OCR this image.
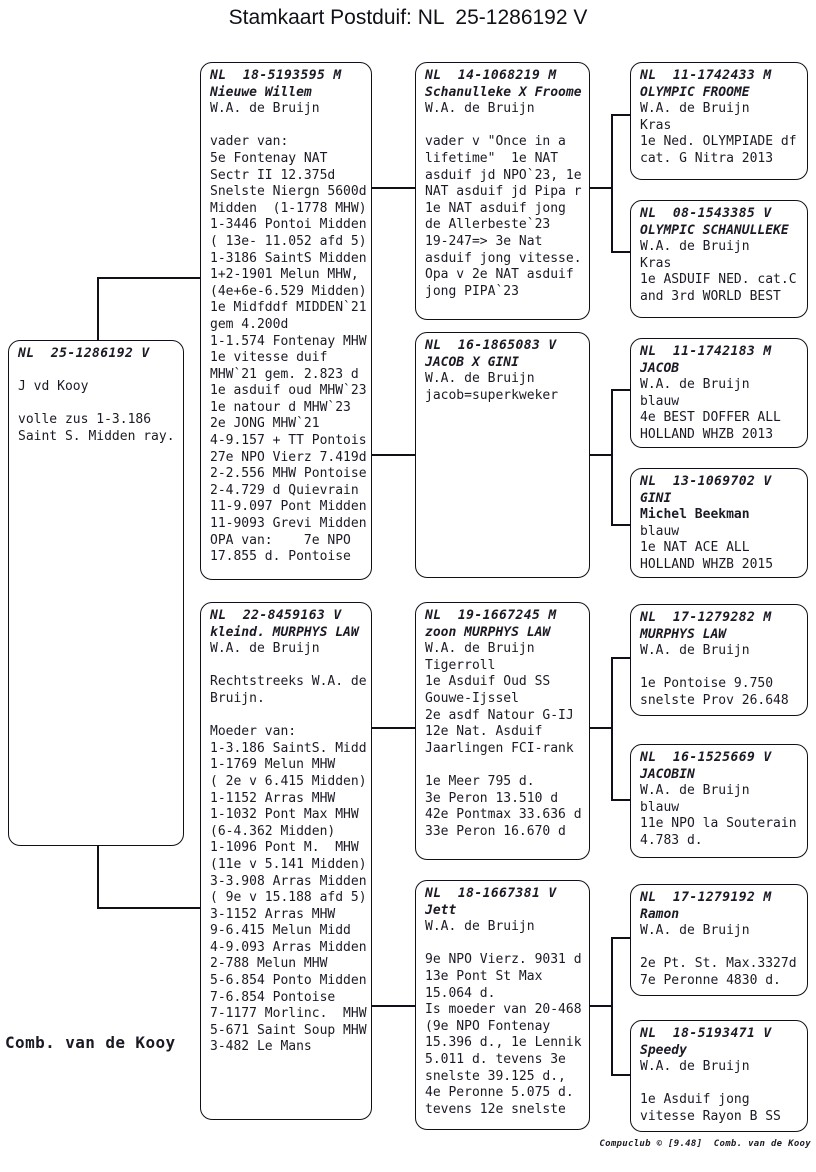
Stamkaart Postduif: NL  25-1286192 V
NL  25-1286192 V

J vd Kooy

volle zus 1-3.186
Saint S. Midden ray.
NL  18-5193595 M
Nieuwe Willem
W.A. de Bruijn

vader van:
5e Fontenay NAT
Sectr II 12.375d
Snelste Niergn 5600d
Midden  (1-1778 MHW)
1-3446 Pontoi Midden
( 13e- 11.052 afd 5)
1-3186 SaintS Midden
1+2-1901 Melun MHW,
(4e+6e-6.529 Midden)
1e Midfddf MIDDEN`21
gem 4.200d
1-1.574 Fontenay MHW
1e vitesse duif
MHW`21 gem. 2.823 d
1e asduif oud MHW`23
1e natour d MHW`23
2e JONG MHW`21
4-9.157 + TT Pontois
27e NPO Vierz 7.419d
2-2.556 MHW Pontoise
2-4.729 d Quievrain
11-9.097 Pont Midden
11-9093 Grevi Midden
OPA van:    7e NPO
17.855 d. Pontoise
NL  22-8459163 V
kleind. MURPHYS LAW
W.A. de Bruijn

Rechtstreeks W.A. de
Bruijn.

Moeder van:
1-3.186 SaintS. Midd
1-1769 Melun MHW
( 2e v 6.415 Midden)
1-1152 Arras MHW
1-1032 Pont Max MHW
(6-4.362 Midden)
1-1096 Pont M.  MHW
(11e v 5.141 Midden)
3-3.908 Arras Midden
( 9e v 15.188 afd 5)
3-1152 Arras MHW
9-6.415 Melun Midd
4-9.093 Arras Midden
2-788 Melun MHW
5-6.854 Ponto Midden
7-6.854 Pontoise
7-1177 Morlinc.  MHW
5-671 Saint Soup MHW
3-482 Le Mans
NL  14-1068219 M
Schanulleke X Froome
W.A. de Bruijn

vader v "Once in a
lifetime"  1e NAT
asduif jd NPO`23, 1e
NAT asduif jd Pipa r
1e NAT asduif jong
de Allerbeste`23
19-247=> 3e Nat
asduif jong vitesse.
Opa v 2e NAT asduif
jong PIPA`23
NL  16-1865083 V
JACOB X GINI
W.A. de Bruijn
jacob=superkweker
NL  19-1667245 M
zoon MURPHYS LAW
W.A. de Bruijn
Tigerroll
1e Asduif Oud SS
Gouwe-Ijssel
2e asdf Natour G-IJ
12e Nat. Asduif
Jaarlingen FCI-rank

1e Meer 795 d.
3e Peron 13.510 d
42e Pontmax 33.636 d
33e Peron 16.670 d
NL  18-1667381 V
Jett
W.A. de Bruijn

9e NPO Vierz. 9031 d
13e Pont St Max
15.064 d.
Is moeder van 20-468
(9e NPO Fontenay
15.396 d., 1e Lennik
5.011 d. tevens 3e
snelste 39.125 d.,
4e Peronne 5.075 d.
tevens 12e snelste
NL  11-1742433 M
OLYMPIC FROOME
W.A. de Bruijn
Kras
1e Ned. OLYMPIADE df
cat. G Nitra 2013
NL  08-1543385 V
OLYMPIC SCHANULLEKE
W.A. de Bruijn
Kras
1e ASDUIF NED. cat.C
and 3rd WORLD BEST
NL  11-1742183 M
JACOB
W.A. de Bruijn
blauw
4e BEST DOFFER ALL
HOLLAND WHZB 2013
NL  13-1069702 V
GINI
Michel Beekman
blauw
1e NAT ACE ALL
HOLLAND WHZB 2015
NL  17-1279282 M
MURPHYS LAW
W.A. de Bruijn

1e Pontoise 9.750
snelste Prov 26.648
NL  16-1525669 V
JACOBIN
W.A. de Bruijn
blauw
11e NPO la Souterain
4.783 d.
NL  17-1279192 M
Ramon
W.A. de Bruijn

2e Pt. St. Max.3327d
7e Peronne 4830 d.
NL  18-5193471 V
Speedy
W.A. de Bruijn

1e Asduif jong
vitesse Rayon B SS
Comb. van de Kooy
Compuclub © [9.48]  Comb. van de Kooy
